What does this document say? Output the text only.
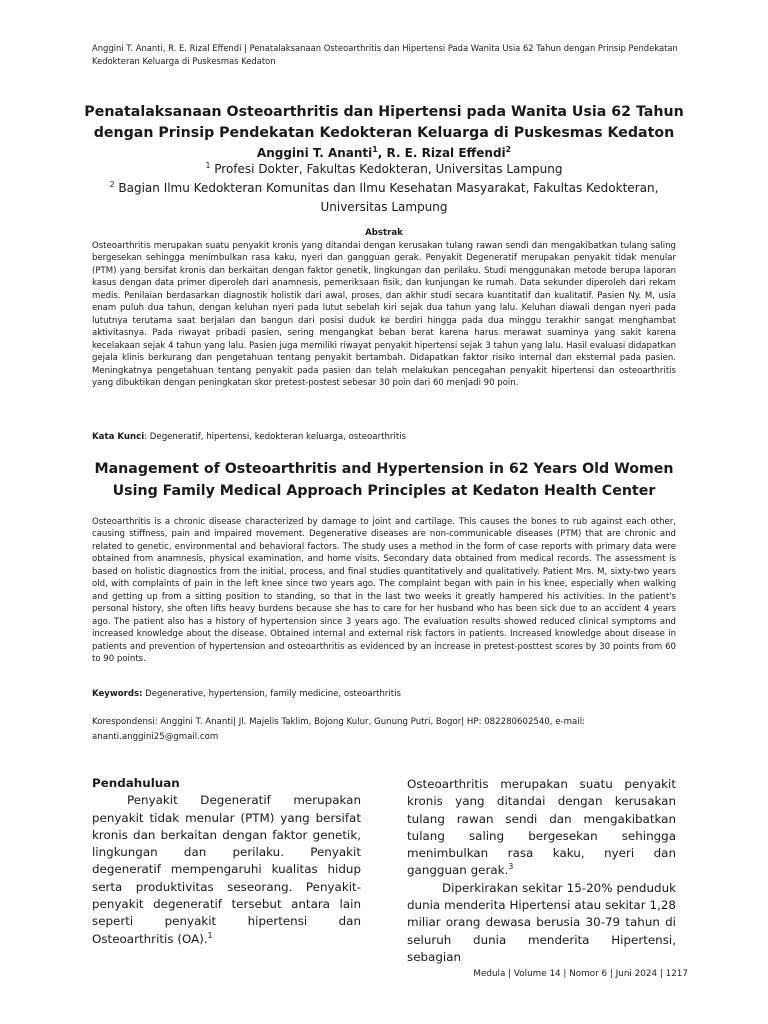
Anggini T. Ananti, R. E. Rizal Effendi | Penatalaksanaan Osteoarthritis dan Hipertensi Pada Wanita Usia 62 Tahun dengan Prinsip Pendekatan Kedokteran Keluarga di Puskesmas Kedaton
Penatalaksanaan Osteoarthritis dan Hipertensi pada Wanita Usia 62 Tahun
dengan Prinsip Pendekatan Kedokteran Keluarga di Puskesmas Kedaton
Anggini T. Ananti$^1$, R. E. Rizal Effendi$^2$
$^1$ Profesi Dokter, Fakultas Kedokteran, Universitas Lampung
$^2$ Bagian Ilmu Kedokteran Komunitas dan Ilmu Kesehatan Masyarakat, Fakultas Kedokteran,
Universitas Lampung
Abstrak
Osteoarthritis merupakan suatu penyakit kronis yang ditandai dengan kerusakan tulang rawan sendi dan mengakibatkan tulang saling bergesekan sehingga menimbulkan rasa kaku, nyeri dan gangguan gerak. Penyakit Degeneratif merupakan penyakit tidak menular (PTM) yang bersifat kronis dan berkaitan dengan faktor genetik, lingkungan dan perilaku. Studi menggunakan metode berupa laporan kasus dengan data primer diperoleh dari anamnesis, pemeriksaan fisik, dan kunjungan ke rumah. Data sekunder diperoleh dari rekam medis. Penilaian berdasarkan diagnostik holistik dari awal, proses, dan akhir studi secara kuantitatif dan kualitatif. Pasien Ny. M, usia enam puluh dua tahun, dengan keluhan nyeri pada lutut sebelah kiri sejak dua tahun yang lalu. Keluhan diawali dengan nyeri pada lututnya terutama saat berjalan dan bangun dari posisi duduk ke berdiri hingga pada dua minggu terakhir sangat menghambat aktivitasnya. Pada riwayat pribadi pasien, sering mengangkat beban berat karena harus merawat suaminya yang sakit karena kecelakaan sejak 4 tahun yang lalu. Pasien juga memiliki riwayat penyakit hipertensi sejak 3 tahun yang lalu. Hasil evaluasi didapatkan gejala klinis berkurang dan pengetahuan tentang penyakit bertambah. Didapatkan faktor risiko internal dan eksternal pada pasien. Meningkatnya pengetahuan tentang penyakit pada pasien dan telah melakukan pencegahan penyakit hipertensi dan osteoarthritis yang dibuktikan dengan peningkatan skor pretest-postest sebesar 30 poin dari 60 menjadi 90 poin.
Kata Kunci: Degeneratif, hipertensi, kedokteran keluarga, osteoarthritis
Management of Osteoarthritis and Hypertension in 62 Years Old Women
Using Family Medical Approach Principles at Kedaton Health Center
Osteoarthritis is a chronic disease characterized by damage to joint and cartilage. This causes the bones to rub against each other, causing stiffness, pain and impaired movement. Degenerative diseases are non-communicable diseases (PTM) that are chronic and related to genetic, environmental and behavioral factors. The study uses a method in the form of case reports with primary data were obtained from anamnesis, physical examination, and home visits. Secondary data obtained from medical records. The assessment is based on holistic diagnostics from the initial, process, and final studies quantitatively and qualitatively. Patient Mrs. M, sixty-two years old, with complaints of pain in the left knee since two years ago. The complaint began with pain in his knee, especially when walking and getting up from a sitting position to standing, so that in the last two weeks it greatly hampered his activities. In the patient's personal history, she often lifts heavy burdens because she has to care for her husband who has been sick due to an accident 4 years ago. The patient also has a history of hypertension since 3 years ago. The evaluation results showed reduced clinical symptoms and increased knowledge about the disease. Obtained internal and external risk factors in patients. Increased knowledge about disease in patients and prevention of hypertension and osteoarthritis as evidenced by an increase in pretest-posttest scores by 30 points from 60 to 90 points.
Keywords: Degenerative, hypertension, family medicine, osteoarthritis
Korespondensi: Anggini T. Ananti| Jl. Majelis Taklim, Bojong Kulur, Gunung Putri, Bogor| HP: 082280602540, e-mail:
ananti.anggini25@gmail.com

Pendahuluan

Penyakit Degeneratif merupakan penyakit tidak menular (PTM) yang bersifat kronis dan berkaitan dengan faktor genetik, lingkungan dan perilaku. Penyakit degeneratif mempengaruhi kualitas hidup serta produktivitas seseorang. Penyakit-penyakit degeneratif tersebut antara lain seperti penyakit hipertensi dan Osteoarthritis (OA).$^1$

Osteoarthritis merupakan suatu penyakit kronis yang ditandai dengan kerusakan tulang rawan sendi dan mengakibatkan tulang saling bergesekan sehingga menimbulkan rasa kaku, nyeri dan gangguan gerak.$^3$

Diperkirakan sekitar 15-20% penduduk dunia menderita Hipertensi atau sekitar 1,28 miliar orang dewasa berusia 30-79 tahun di seluruh dunia menderita Hipertensi, sebagian

Medula | Volume 14 | Nomor 6 | Juni 2024 | 1217
